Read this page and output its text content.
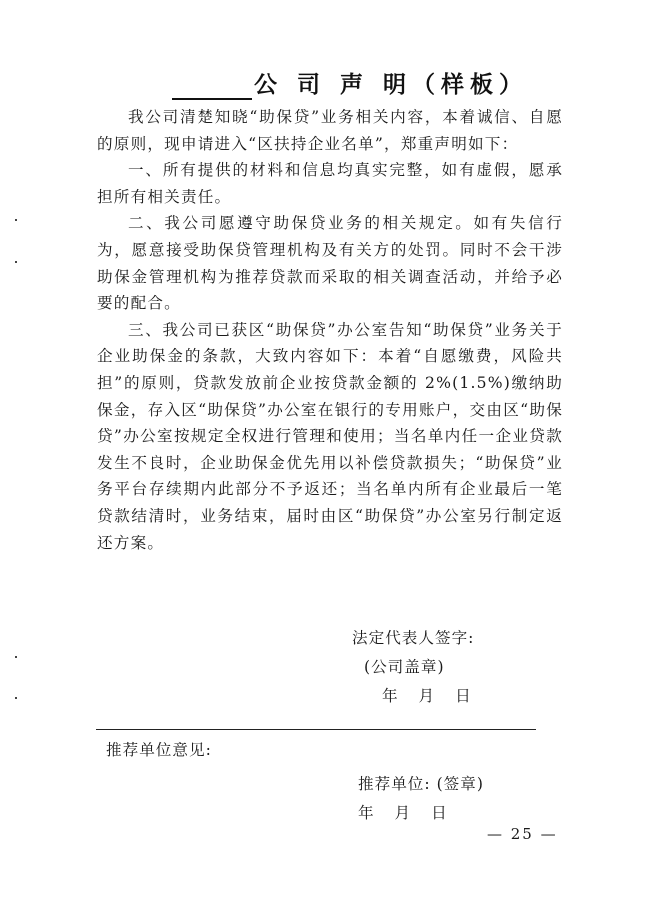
公 司 声 明（样板）

我公司清楚知晓“助保贷”业务相关内容，本着诚信、自愿的原则，现申请进入“区扶持企业名单”，郑重声明如下：

一、所有提供的材料和信息均真实完整，如有虚假，愿承担所有相关责任。

二、我公司愿遵守助保贷业务的相关规定。如有失信行为，愿意接受助保贷管理机构及有关方的处罚。同时不会干涉助保金管理机构为推荐贷款而采取的相关调查活动，并给予必要的配合。

三、我公司已获区“助保贷”办公室告知“助保贷”业务关于企业助保金的条款，大致内容如下：本着“自愿缴费，风险共担”的原则，贷款发放前企业按贷款金额的 2%(1.5%)缴纳助保金，存入区“助保贷”办公室在银行的专用账户，交由区“助保贷”办公室按规定全权进行管理和使用；当名单内任一企业贷款发生不良时，企业助保金优先用以补偿贷款损失；“助保贷”业务平台存续期内此部分不予返还；当名单内所有企业最后一笔贷款结清时，业务结束，届时由区“助保贷”办公室另行制定返还方案。

法定代表人签字:
(公司盖章)
年 月 日
推荐单位意见:
推荐单位: (签章)
年 月 日
— 25 —
